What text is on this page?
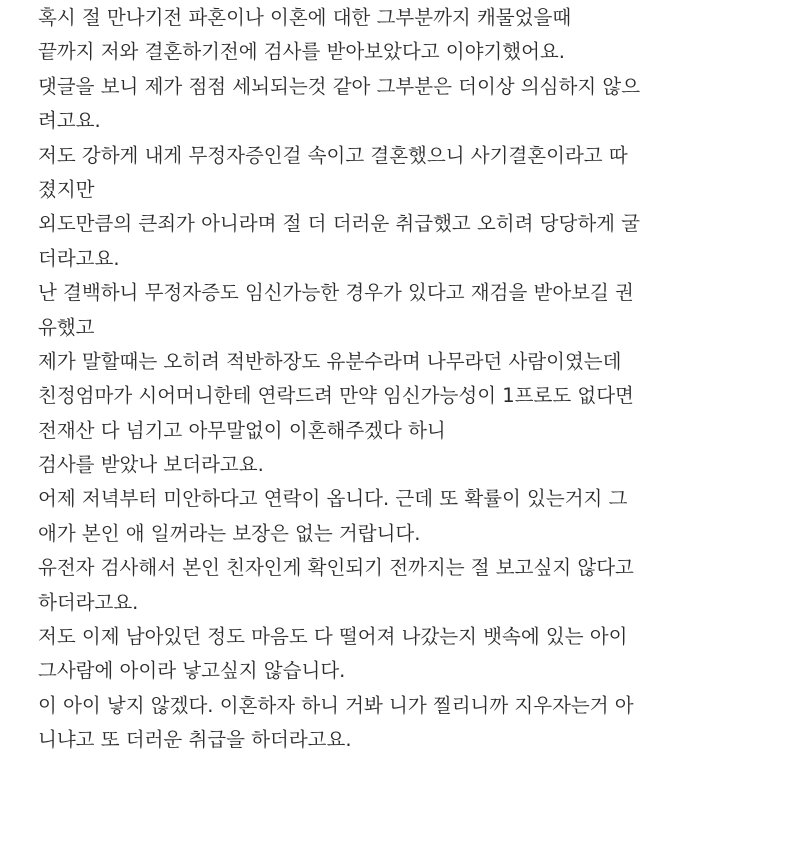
혹시 절 만나기전 파혼이나 이혼에 대한 그부분까지 캐물었을때
끝까지 저와 결혼하기전에 검사를 받아보았다고 이야기했어요.
댓글을 보니 제가 점점 세뇌되는것 같아 그부분은 더이상 의심하지 않으
려고요.
저도 강하게 내게 무정자증인걸 속이고 결혼했으니 사기결혼이라고 따
졌지만
외도만큼의 큰죄가 아니라며 절 더 더러운 취급했고 오히려 당당하게 굴
더라고요.
난 결백하니 무정자증도 임신가능한 경우가 있다고 재검을 받아보길 권
유했고
제가 말할때는 오히려 적반하장도 유분수라며 나무라던 사람이였는데
친정엄마가 시어머니한테 연락드려 만약 임신가능성이 1프로도 없다면
전재산 다 넘기고 아무말없이 이혼해주겠다 하니
검사를 받았나 보더라고요.
어제 저녁부터 미안하다고 연락이 옵니다. 근데 또 확률이 있는거지 그
애가 본인 애 일꺼라는 보장은 없는 거랍니다.
유전자 검사해서 본인 친자인게 확인되기 전까지는 절 보고싶지 않다고
하더라고요.
저도 이제 남아있던 정도 마음도 다 떨어져 나갔는지 뱃속에 있는 아이
그사람에 아이라 낳고싶지 않습니다.
이 아이 낳지 않겠다. 이혼하자 하니 거봐 니가 찔리니까 지우자는거 아
니냐고 또 더러운 취급을 하더라고요.
